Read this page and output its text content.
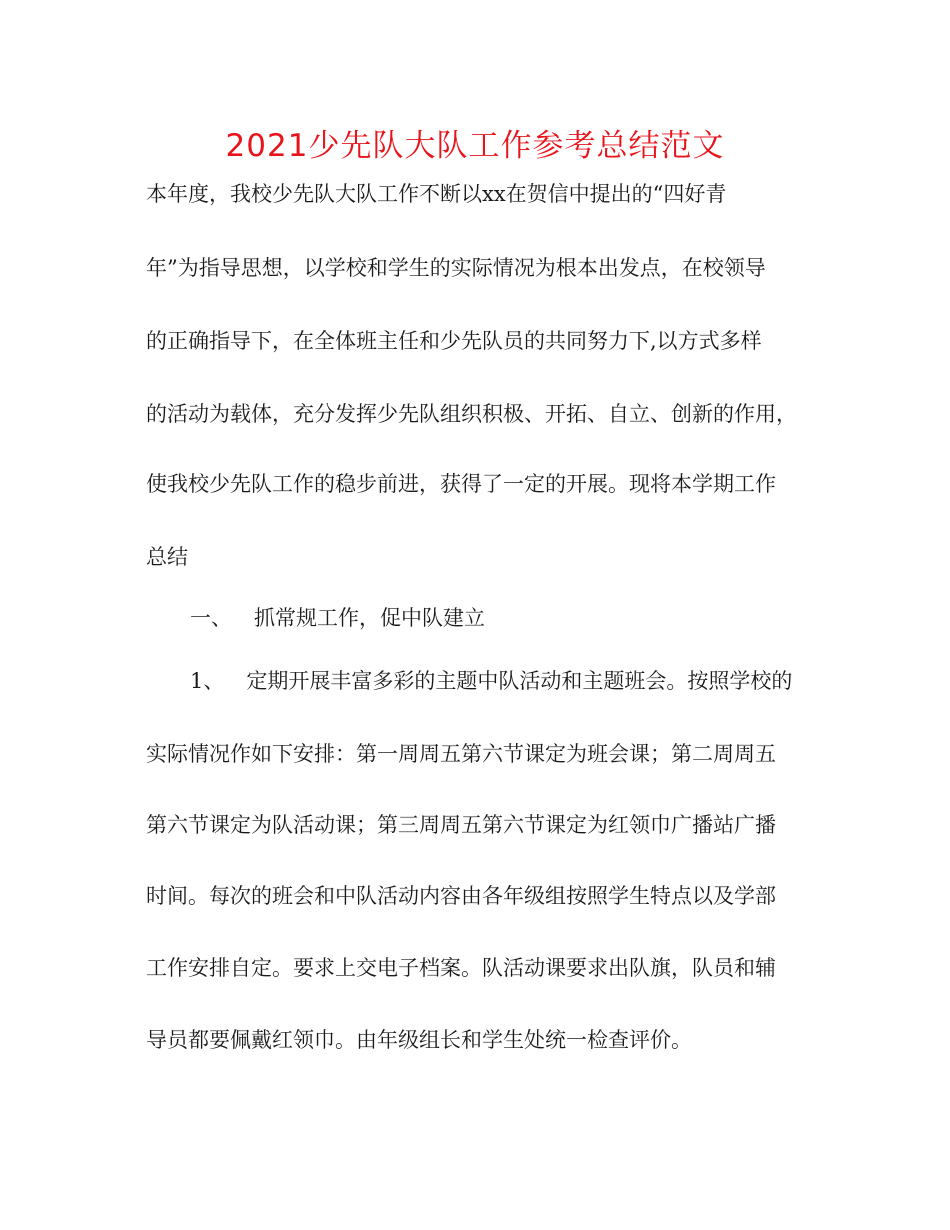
2021少先队大队工作参考总结范文
本年度，我校少先队大队工作不断以xx在贺信中提出的“四好青
年”为指导思想，以学校和学生的实际情况为根本出发点，在校领导
的正确指导下，在全体班主任和少先队员的共同努力下,以方式多样
的活动为载体，充分发挥少先队组织积极、开拓、自立、创新的作用，
使我校少先队工作的稳步前进，获得了一定的开展。现将本学期工作
总结
一、 抓常规工作，促中队建立
1、 定期开展丰富多彩的主题中队活动和主题班会。按照学校的
实际情况作如下安排：第一周周五第六节课定为班会课；第二周周五
第六节课定为队活动课；第三周周五第六节课定为红领巾广播站广播
时间。每次的班会和中队活动内容由各年级组按照学生特点以及学部
工作安排自定。要求上交电子档案。队活动课要求出队旗，队员和辅
导员都要佩戴红领巾。由年级组长和学生处统一检查评价。
